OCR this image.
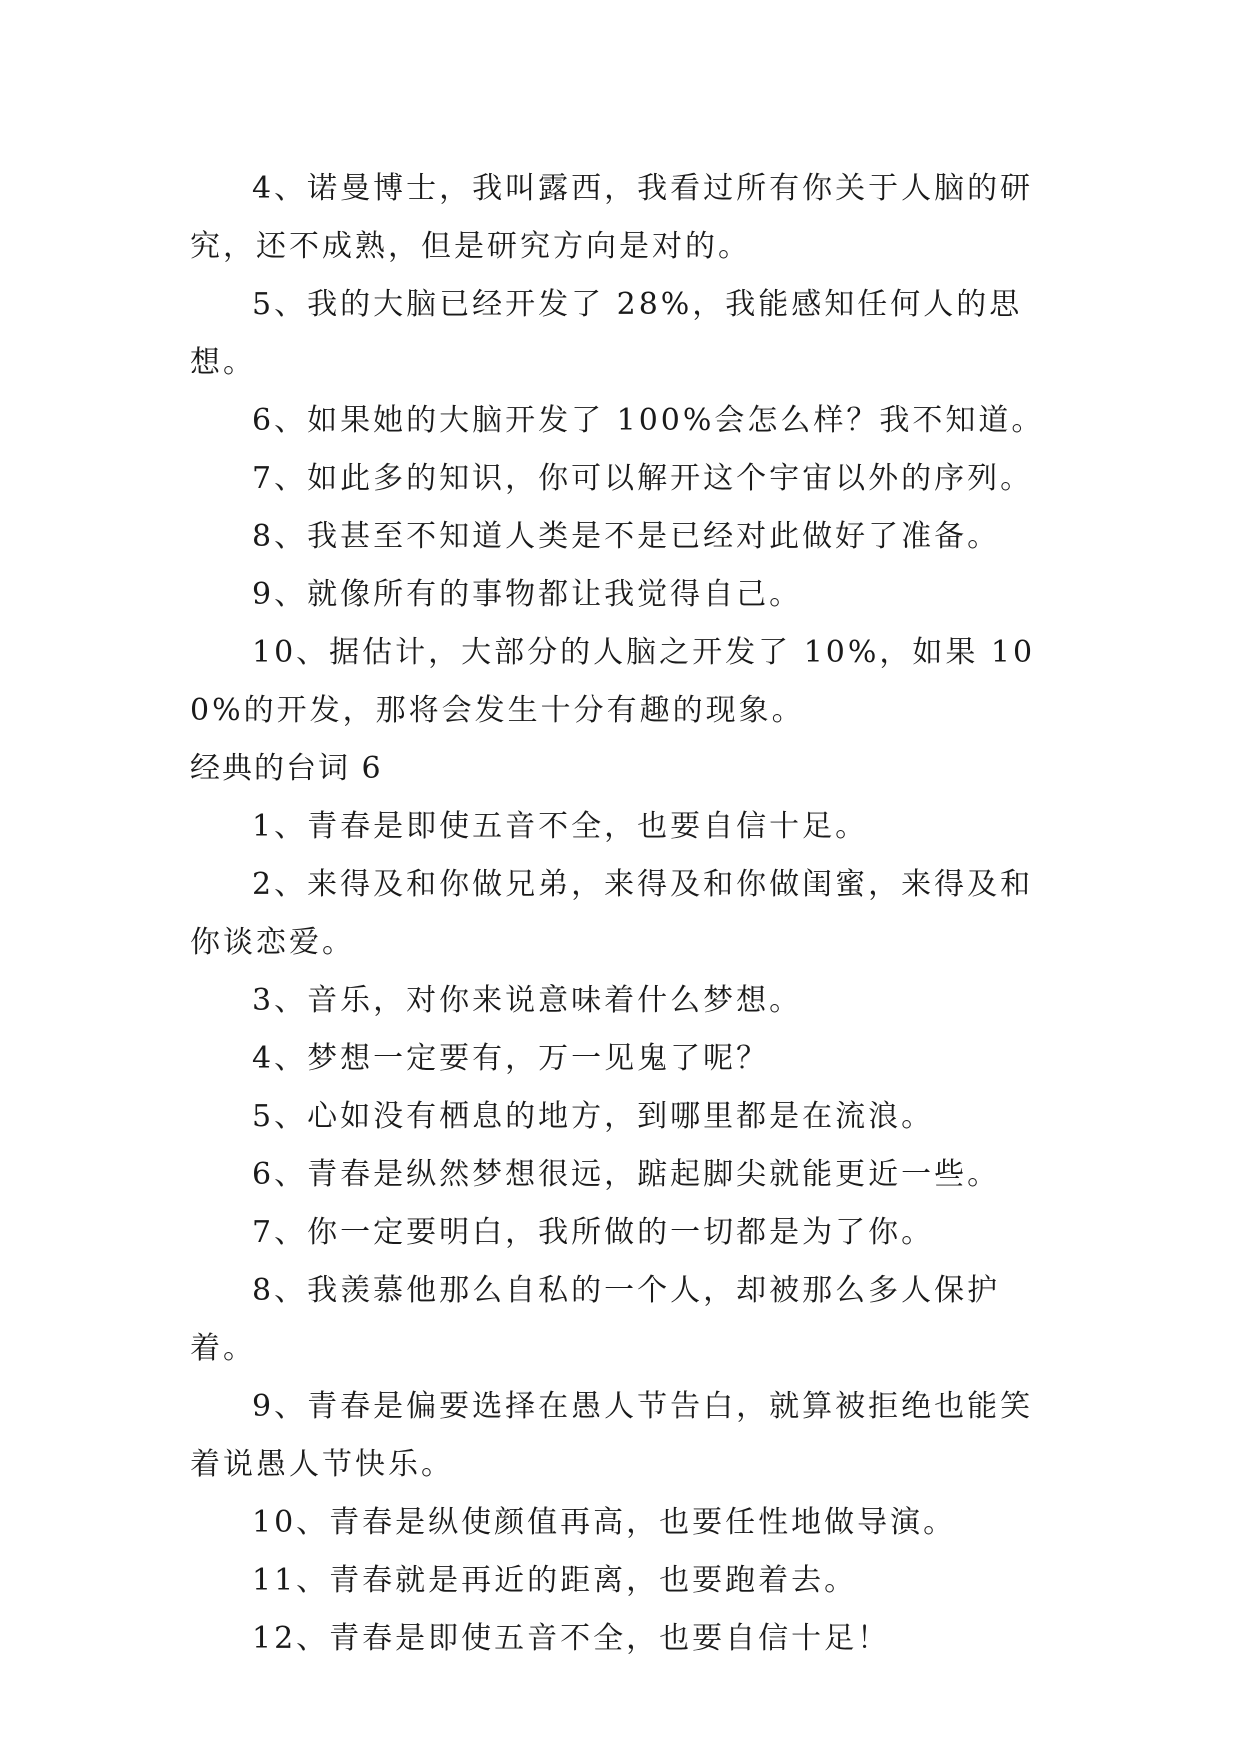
4、诺曼博士，我叫露西，我看过所有你关于人脑的研究，还不成熟，但是研究方向是对的。

5、我的大脑已经开发了 28%，我能感知任何人的思想。

6、如果她的大脑开发了 100%会怎么样？我不知道。

7、如此多的知识，你可以解开这个宇宙以外的序列。

8、我甚至不知道人类是不是已经对此做好了准备。

9、就像所有的事物都让我觉得自己。

10、据估计，大部分的人脑之开发了 10%，如果 100%的开发，那将会发生十分有趣的现象。

经典的台词 6

1、青春是即使五音不全，也要自信十足。

2、来得及和你做兄弟，来得及和你做闺蜜，来得及和你谈恋爱。

3、音乐，对你来说意味着什么梦想。

4、梦想一定要有，万一见鬼了呢？

5、心如没有栖息的地方，到哪里都是在流浪。

6、青春是纵然梦想很远，踮起脚尖就能更近一些。

7、你一定要明白，我所做的一切都是为了你。

8、我羡慕他那么自私的一个人，却被那么多人保护着。

9、青春是偏要选择在愚人节告白，就算被拒绝也能笑着说愚人节快乐。

10、青春是纵使颜值再高，也要任性地做导演。

11、青春就是再近的距离，也要跑着去。

12、青春是即使五音不全，也要自信十足！
